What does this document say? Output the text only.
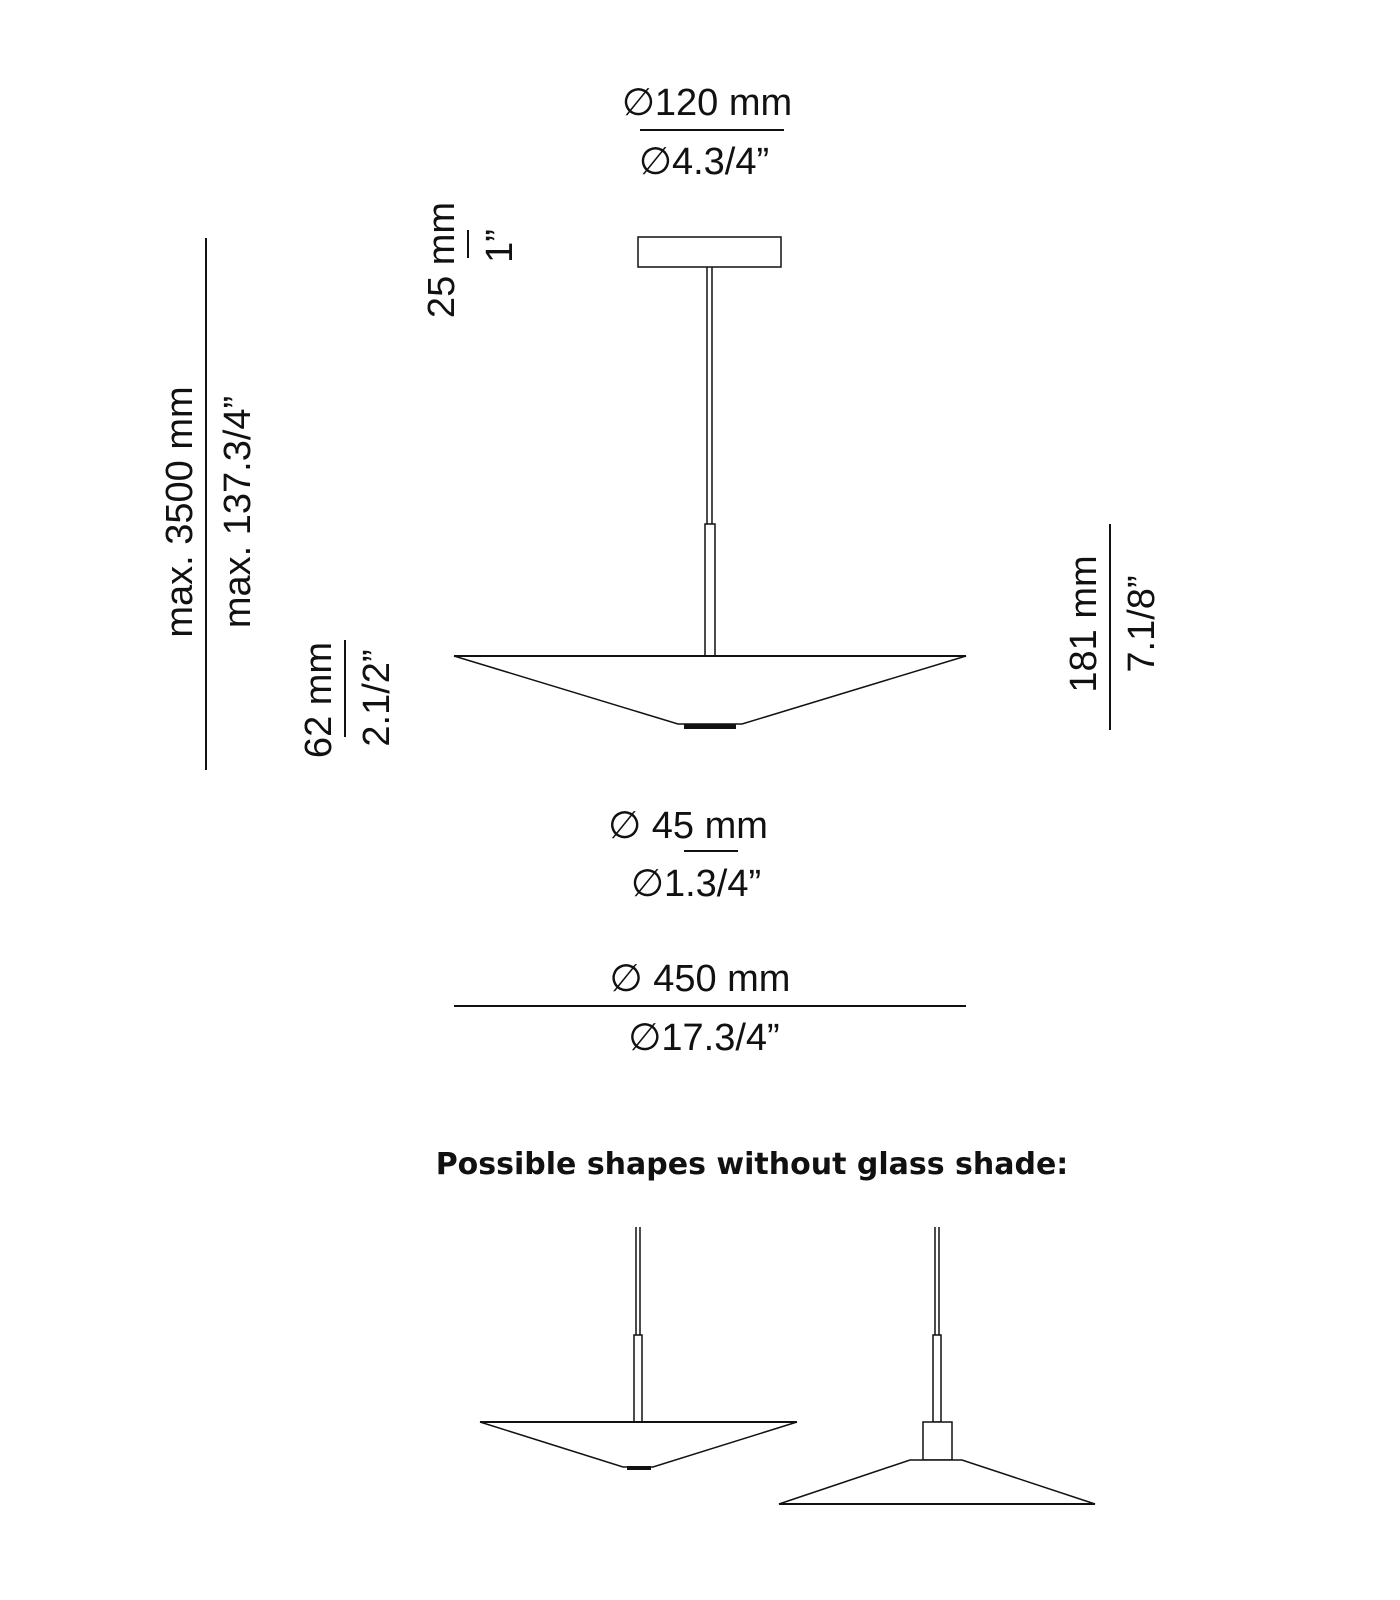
∅120 mm
∅4.3/4”
25 mm 1”
max. 3500 mm max. 137.3/4”
62 mm 2.1/2”
181 mm 7.1/8”
∅ 45 mm
∅1.3/4”
∅ 450 mm
∅17.3/4”
Possible shapes without glass shade:
